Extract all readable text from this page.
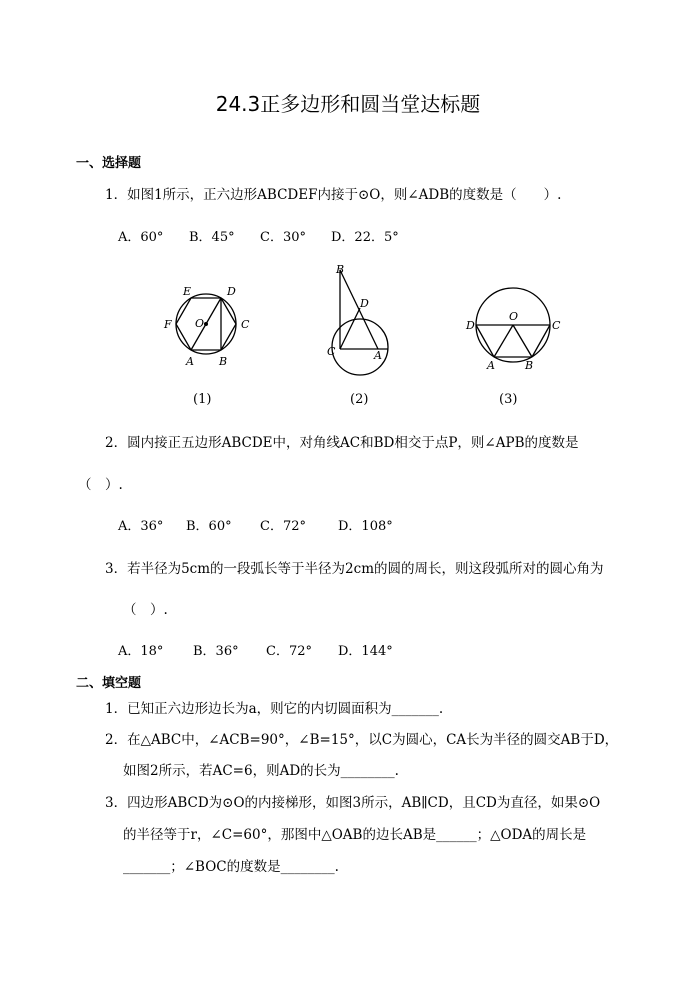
24.3正多边形和圆当堂达标题
一、选择题
1．如图1所示，正六边形ABCDEF内接于⊙O，则∠ADB的度数是（　　）.
A．60° B．45° C．30° D．22．5°
E	D
F O	C
A B
B
D
C	A
O
D	C
A	B
(1)	(2)	(3)
2．圆内接正五边形ABCDE中，对角线AC和BD相交于点P，则∠APB的度数是
（　）.
A．36° B．60° C．72° D．108°
3．若半径为5cm的一段弧长等于半径为2cm的圆的周长，则这段弧所对的圆心角为
（　）.
A．18° B．36° C．72° D．144°
二、填空题
1．已知正六边形边长为a，则它的内切圆面积为_______.
2．在△ABC中，∠ACB=90°，∠B=15°，以C为圆心，CA长为半径的圆交AB于D，
如图2所示，若AC=6，则AD的长为________.
3．四边形ABCD为⊙O的内接梯形，如图3所示，AB∥CD，且CD为直径，如果⊙O
的半径等于r，∠C=60°，那图中△OAB的边长AB是______；△ODA的周长是
_______；∠BOC的度数是________.
